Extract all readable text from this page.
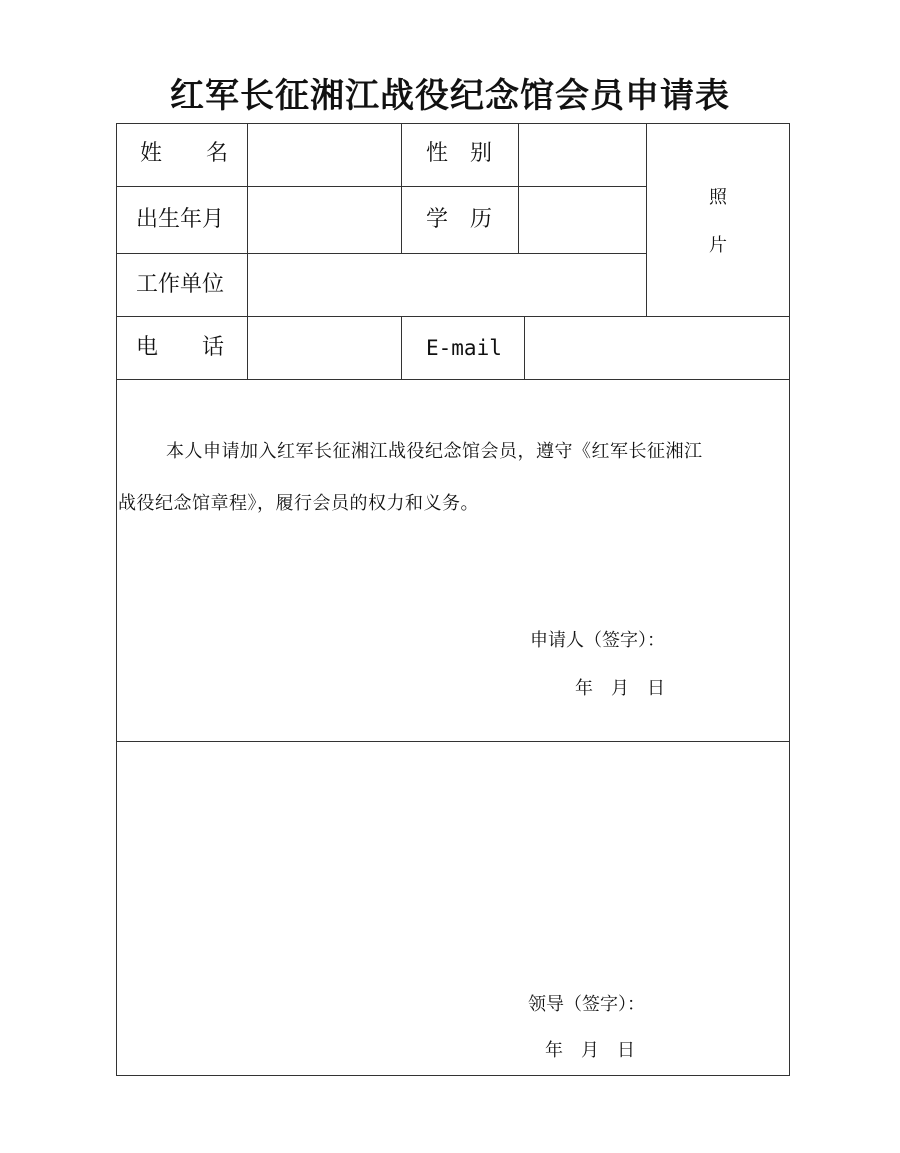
红军长征湘江战役纪念馆会员申请表
姓　　名	性　别
照
片
出生年月	学　历
工作单位
电　　话	E-mail
本人申请加入红军长征湘江战役纪念馆会员，遵守《红军长征湘江
战役纪念馆章程》，履行会员的权力和义务。
申请人（签字）：
年　月　日
领导（签字）：
年　月　日
